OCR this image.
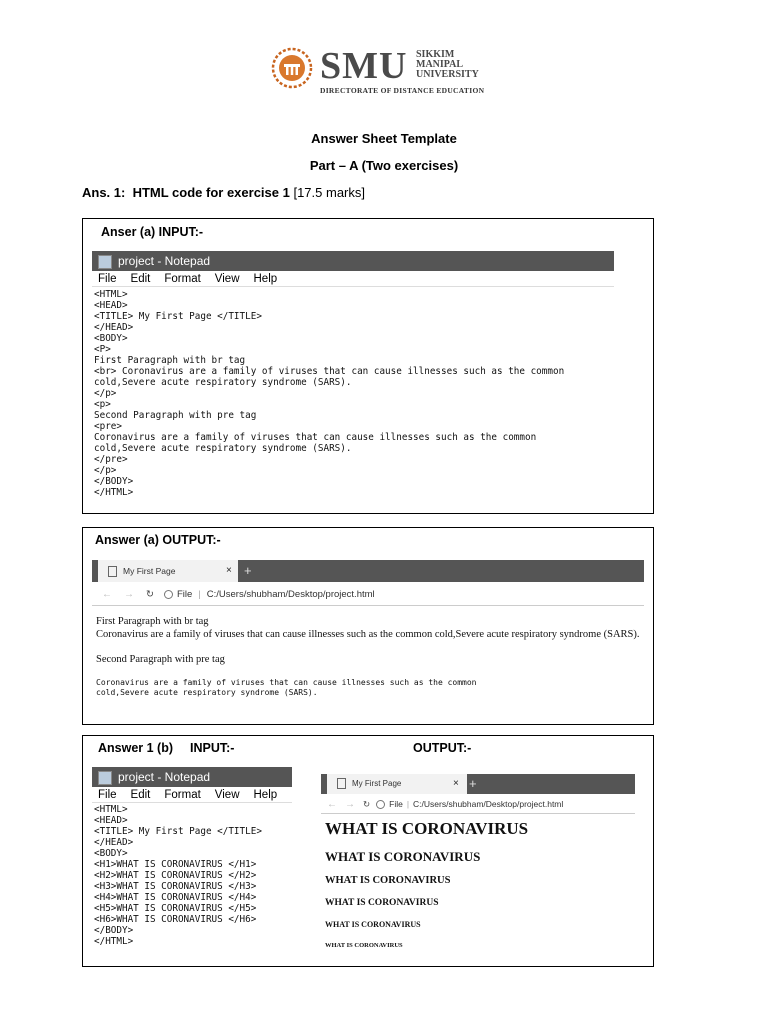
SMU SIKKIM
MANIPAL
UNIVERSITY
DIRECTORATE OF DISTANCE EDUCATION
Answer Sheet Template
Part – A (Two exercises)
Ans. 1: HTML code for exercise 1 [17.5 marks]
Anser (a) INPUT:-
project - Notepad
File Edit Format View Help
<HTML>
<HEAD>
<TITLE> My First Page </TITLE>
</HEAD>
<BODY>
<P>
First Paragraph with br tag
<br> Coronavirus are a family of viruses that can cause illnesses such as the common
cold,Severe acute respiratory syndrome (SARS).
</p>
<p>
Second Paragraph with pre tag
<pre>
Coronavirus are a family of viruses that can cause illnesses such as the common
cold,Severe acute respiratory syndrome (SARS).
</pre>
</p>
</BODY>
</HTML>
Answer (a) OUTPUT:-
My First Page	× +
← → ↻ File | C:/Users/shubham/Desktop/project.html
First Paragraph with br tag
Coronavirus are a family of viruses that can cause illnesses such as the common cold,Severe acute respiratory syndrome (SARS).
Second Paragraph with pre tag
Coronavirus are a family of viruses that can cause illnesses such as the common
cold,Severe acute respiratory syndrome (SARS).
Answer 1 (b) INPUT:-	OUTPUT:-
project - Notepad
File Edit Format View Help
<HTML>
<HEAD>
<TITLE> My First Page </TITLE>
</HEAD>
<BODY>
<H1>WHAT IS CORONAVIRUS </H1>
<H2>WHAT IS CORONAVIRUS </H2>
<H3>WHAT IS CORONAVIRUS </H3>
<H4>WHAT IS CORONAVIRUS </H4>
<H5>WHAT IS CORONAVIRUS </H5>
<H6>WHAT IS CORONAVIRUS </H6>
</BODY>
</HTML>
My First Page	× +
← → ↻ File | C:/Users/shubham/Desktop/project.html
WHAT IS CORONAVIRUS
WHAT IS CORONAVIRUS
WHAT IS CORONAVIRUS
WHAT IS CORONAVIRUS
WHAT IS CORONAVIRUS
WHAT IS CORONAVIRUS
